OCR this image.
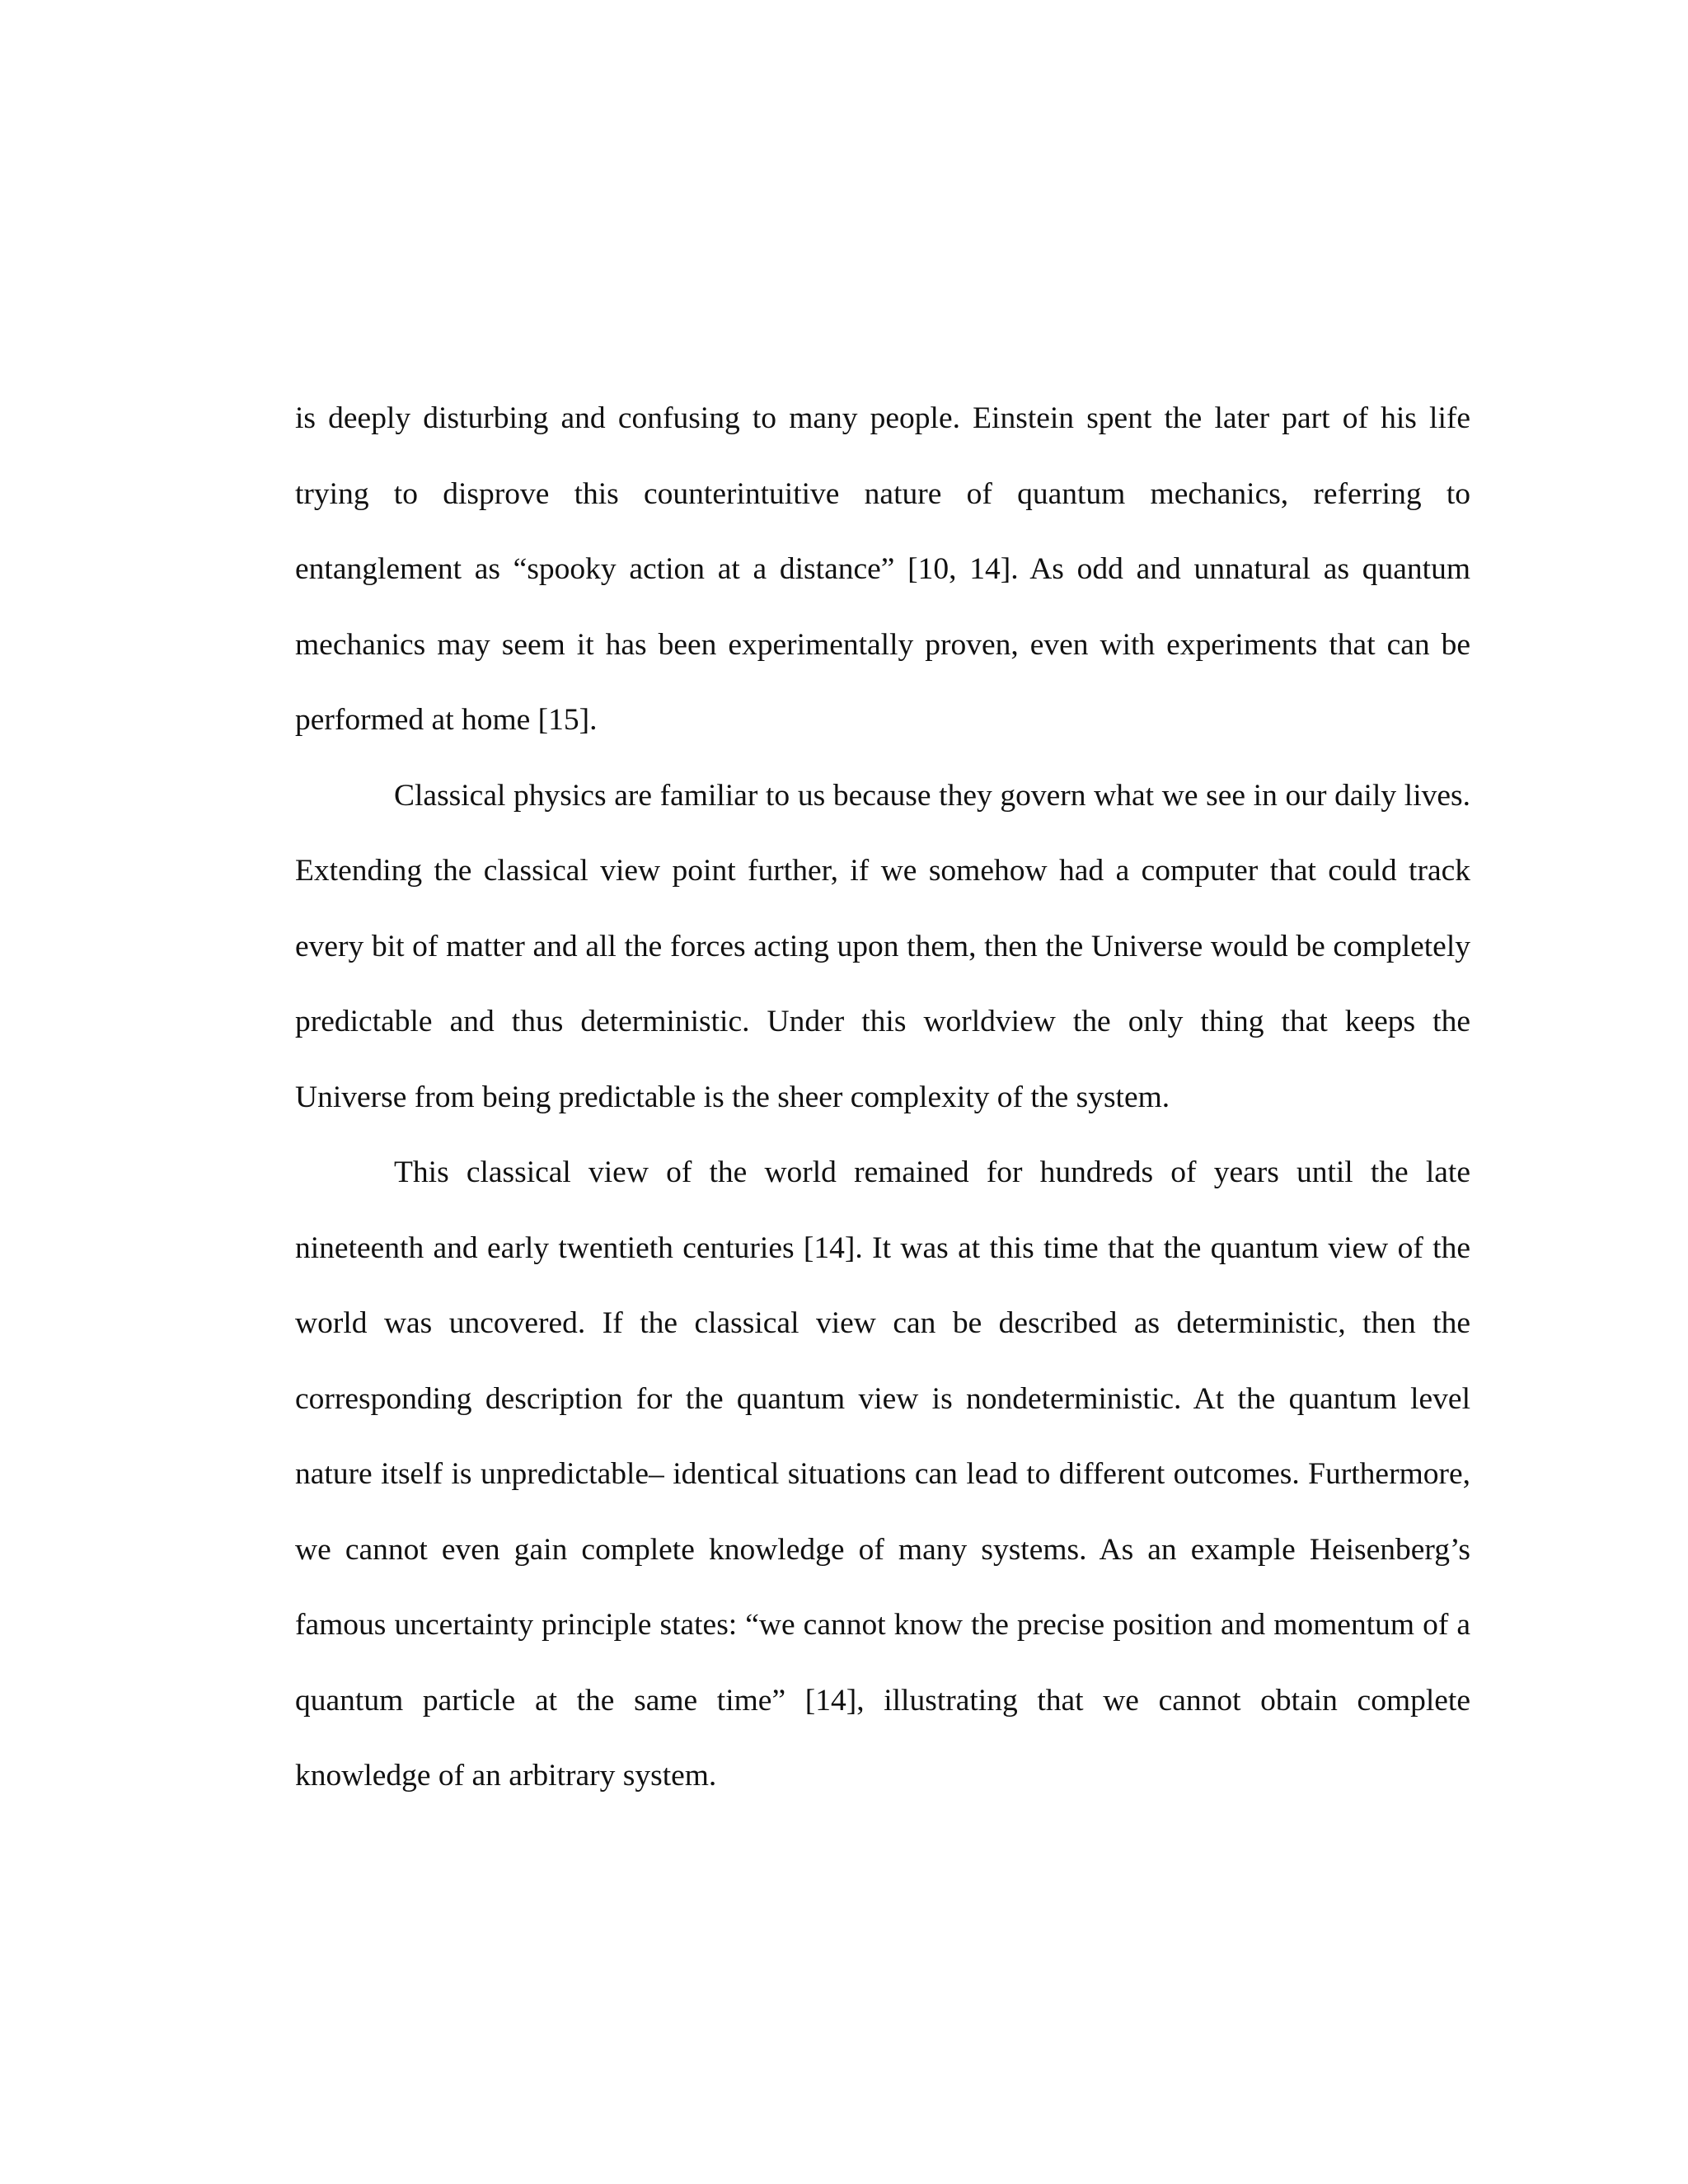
is deeply disturbing and confusing to many people. Einstein spent the later part of his life trying to disprove this counterintuitive nature of quantum mechanics, referring to entanglement as “spooky action at a distance” [10, 14]. As odd and unnatural as quantum mechanics may seem it has been experimentally proven, even with experiments that can be performed at home [15].

Classical physics are familiar to us because they govern what we see in our daily lives. Extending the classical view point further, if we somehow had a computer that could track every bit of matter and all the forces acting upon them, then the Universe would be completely predictable and thus deterministic. Under this worldview the only thing that keeps the Universe from being predictable is the sheer complexity of the system.

This classical view of the world remained for hundreds of years until the late nineteenth and early twentieth centuries [14]. It was at this time that the quantum view of the world was uncovered. If the classical view can be described as deterministic, then the corresponding description for the quantum view is nondeterministic. At the quantum level nature itself is unpredictable– identical situations can lead to different outcomes. Furthermore, we cannot even gain complete knowledge of many systems. As an example Heisenberg’s famous uncertainty principle states: “we cannot know the precise position and momentum of a quantum particle at the same time” [14], illustrating that we cannot obtain complete knowledge of an arbitrary system.
